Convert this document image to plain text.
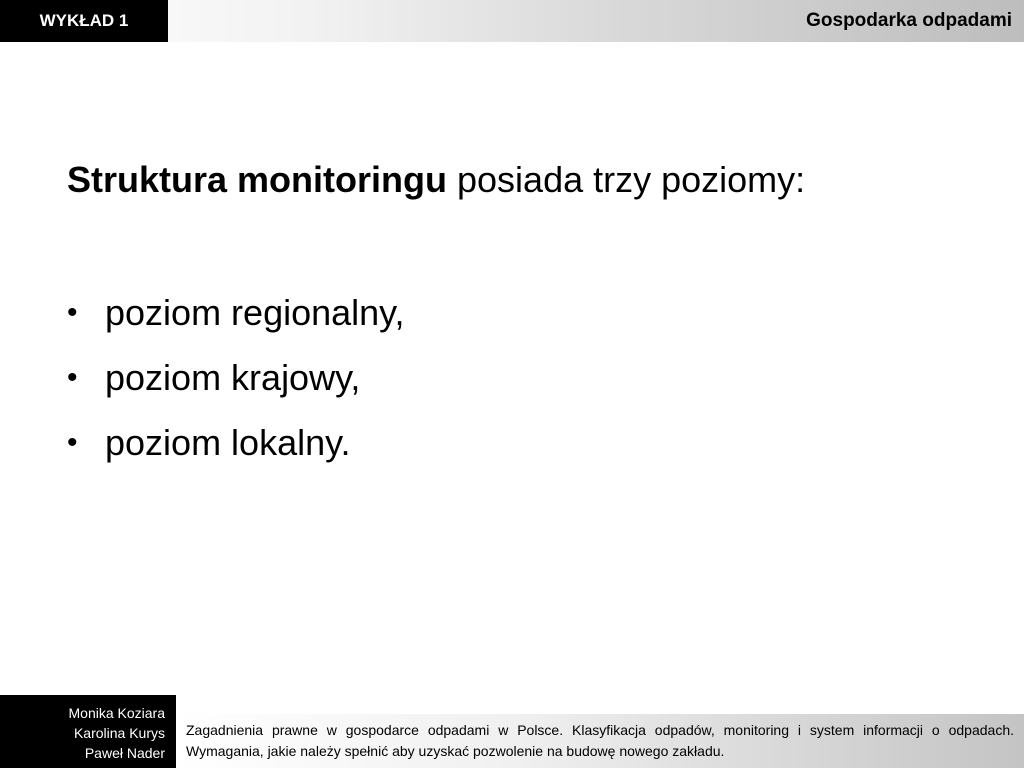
WYKŁAD 1	Gospodarka odpadami

Struktura monitoringu posiada trzy poziomy:

• poziom regionalny,
• poziom krajowy,
• poziom lokalny.
Monika Koziara
Karolina Kurys
Paweł Nader
Zagadnienia prawne w gospodarce odpadami w Polsce. Klasyfikacja odpadów, monitoring i system informacji o odpadach. Wymagania, jakie należy spełnić aby uzyskać pozwolenie na budowę nowego zakładu.
